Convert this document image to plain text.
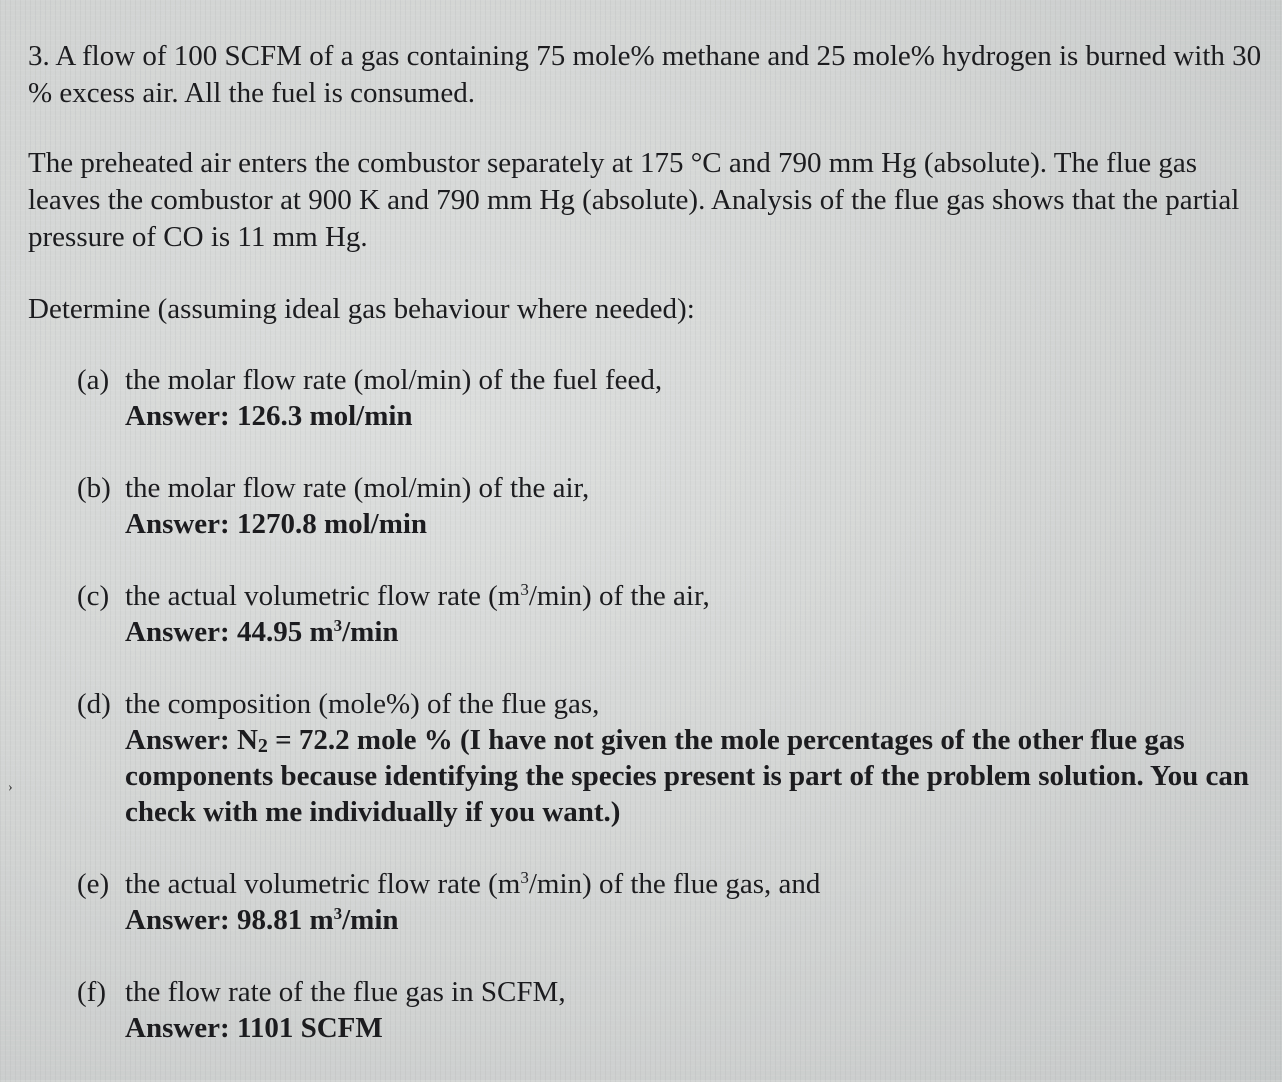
3. A flow of 100 SCFM of a gas containing 75 mole% methane and 25 mole% hydrogen is burned with 30 % excess air. All the fuel is consumed.

The preheated air enters the combustor separately at 175 °C and 790 mm Hg (absolute). The flue gas leaves the combustor at 900 K and 790 mm Hg (absolute). Analysis of the flue gas shows that the partial pressure of CO is 11 mm Hg.

Determine (assuming ideal gas behaviour where needed):

(a) the molar flow rate (mol/min) of the fuel feed,
Answer: 126.3 mol/min
(b) the molar flow rate (mol/min) of the air,
Answer: 1270.8 mol/min
(c) the actual volumetric flow rate $(m^3/\min)$ of the air,
Answer: 44.95 $m^3/\min$
(d) the composition (mole%) of the flue gas,
Answer: $N_2 = 72.2$ mole % (I have not given the mole percentages of the other flue gas components because identifying the species present is part of the problem solution. You can check with me individually if you want.)
(e) the actual volumetric flow rate $(m^3/\min)$ of the flue gas, and
Answer: 98.81 $m^3/\min$
(f) the flow rate of the flue gas in SCFM,
Answer: 1101 SCFM
›
